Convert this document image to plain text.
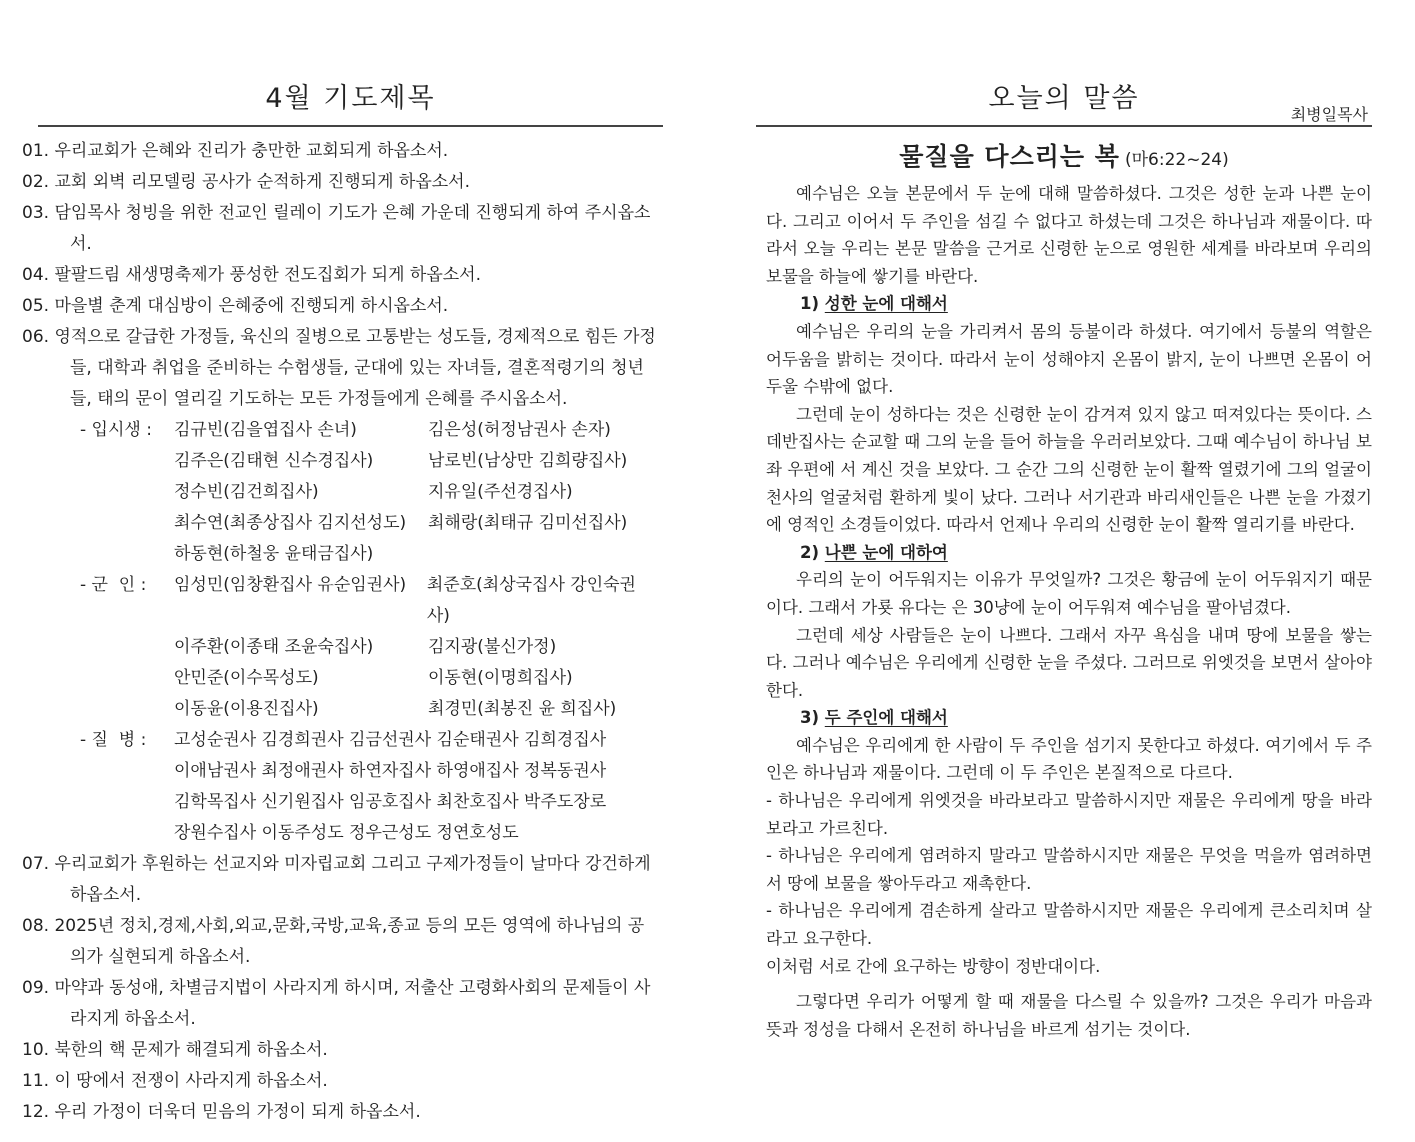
4월 기도제목

01. 우리교회가 은혜와 진리가 충만한 교회되게 하옵소서.

02. 교회 외벽 리모델링 공사가 순적하게 진행되게 하옵소서.

03. 담임목사 청빙을 위한 전교인 릴레이 기도가 은혜 가운데 진행되게 하여 주시옵소서.

04. 팔팔드림 새생명축제가 풍성한 전도집회가 되게 하옵소서.

05. 마을별 춘계 대심방이 은혜중에 진행되게 하시옵소서.

06. 영적으로 갈급한 가정들, 육신의 질병으로 고통받는 성도들, 경제적으로 힘든 가정들, 대학과 취업을 준비하는 수험생들, 군대에 있는 자녀들, 결혼적령기의 청년들, 태의 문이 열리길 기도하는 모든 가정들에게 은혜를 주시옵소서.

- 입시생 :	김규빈(김을엽집사 손녀)	김은성(허정남권사 손자)
김주은(김태현 신수경집사)	남로빈(남상만 김희량집사)
정수빈(김건희집사)	지유일(주선경집사)
최수연(최종상집사 김지선성도)	최해랑(최태규 김미선집사)
하동현(하철웅 윤태금집사)
- 군  인 :	임성민(임창환집사 유순임권사)	최준호(최상국집사 강인숙권사)
이주환(이종태 조윤숙집사)	김지광(불신가정)
안민준(이수목성도)	이동현(이명희집사)
이동윤(이용진집사)	최경민(최봉진 윤 희집사)
- 질  병 :	고성순권사 김경희권사 김금선권사 김순태권사 김희경집사
이애남권사 최정애권사 하연자집사 하영애집사 정복동권사
김학목집사 신기원집사 임공호집사 최찬호집사 박주도장로
장원수집사 이동주성도 정우근성도 정연호성도

07. 우리교회가 후원하는 선교지와 미자립교회 그리고 구제가정들이 날마다 강건하게 하옵소서.

08. 2025년 정치,경제,사회,외교,문화,국방,교육,종교 등의 모든 영역에 하나님의 공의가 실현되게 하옵소서.

09. 마약과 동성애, 차별금지법이 사라지게 하시며, 저출산 고령화사회의 문제들이 사라지게 하옵소서.

10. 북한의 핵 문제가 해결되게 하옵소서.

11. 이 땅에서 전쟁이 사라지게 하옵소서.

12. 우리 가정이 더욱더 믿음의 가정이 되게 하옵소서.

오늘의 말씀
최병일목사
물질을 다스리는 복 (마6:22~24)

예수님은 오늘 본문에서 두 눈에 대해 말씀하셨다. 그것은 성한 눈과 나쁜 눈이다. 그리고 이어서 두 주인을 섬길 수 없다고 하셨는데 그것은 하나님과 재물이다. 따라서 오늘 우리는 본문 말씀을 근거로 신령한 눈으로 영원한 세계를 바라보며 우리의 보물을 하늘에 쌓기를 바란다.

1) 성한 눈에 대해서

예수님은 우리의 눈을 가리켜서 몸의 등불이라 하셨다. 여기에서 등불의 역할은 어두움을 밝히는 것이다. 따라서 눈이 성해야지 온몸이 밝지, 눈이 나쁘면 온몸이 어두울 수밖에 없다.

그런데 눈이 성하다는 것은 신령한 눈이 감겨져 있지 않고 떠져있다는 뜻이다. 스데반집사는 순교할 때 그의 눈을 들어 하늘을 우러러보았다. 그때 예수님이 하나님 보좌 우편에 서 계신 것을 보았다. 그 순간 그의 신령한 눈이 활짝 열렸기에 그의 얼굴이 천사의 얼굴처럼 환하게 빛이 났다. 그러나 서기관과 바리새인들은 나쁜 눈을 가졌기에 영적인 소경들이었다. 따라서 언제나 우리의 신령한 눈이 활짝 열리기를 바란다.

2) 나쁜 눈에 대하여

우리의 눈이 어두워지는 이유가 무엇일까? 그것은 황금에 눈이 어두워지기 때문이다. 그래서 가룟 유다는 은 30냥에 눈이 어두워져 예수님을 팔아넘겼다.

그런데 세상 사람들은 눈이 나쁘다. 그래서 자꾸 욕심을 내며 땅에 보물을 쌓는다. 그러나 예수님은 우리에게 신령한 눈을 주셨다. 그러므로 위엣것을 보면서 살아야 한다.

3) 두 주인에 대해서

예수님은 우리에게 한 사람이 두 주인을 섬기지 못한다고 하셨다. 여기에서 두 주인은 하나님과 재물이다. 그런데 이 두 주인은 본질적으로 다르다.

- 하나님은 우리에게 위엣것을 바라보라고 말씀하시지만 재물은 우리에게 땅을 바라보라고 가르친다.

- 하나님은 우리에게 염려하지 말라고 말씀하시지만 재물은 무엇을 먹을까 염려하면서 땅에 보물을 쌓아두라고 재촉한다.

- 하나님은 우리에게 겸손하게 살라고 말씀하시지만 재물은 우리에게 큰소리치며 살라고 요구한다.

이처럼 서로 간에 요구하는 방향이 정반대이다.

그렇다면 우리가 어떻게 할 때 재물을 다스릴 수 있을까? 그것은 우리가 마음과 뜻과 정성을 다해서 온전히 하나님을 바르게 섬기는 것이다.
